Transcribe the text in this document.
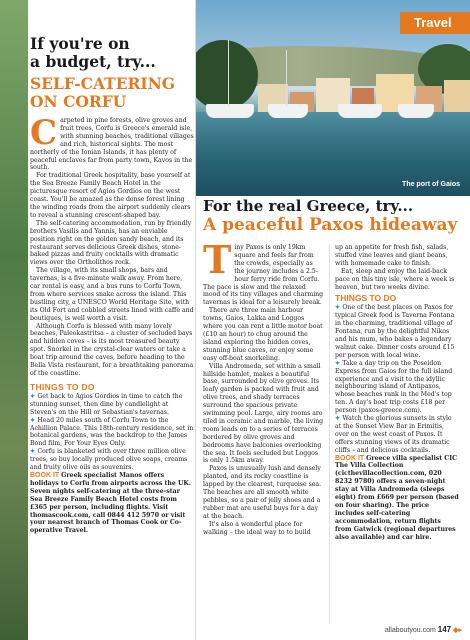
The port of Gaios
Travel
If you're on
a budget, try...
SELF-CATERING ON CORFU

Carpeted in pine forests, olive groves and fruit trees, Corfu is Greece's emerald isle, with stunning beaches, traditional villages and rich, historical sights. The most northerly of the Ionian Islands, it has plenty of peaceful enclaves far from party town, Kavos in the south.

For traditional Greek hospitality, base yourself at the Sea Breeze Family Beach Hotel in the picturesque resort of Agios Gordios on the west coast. You'll be amazed as the dense forest lining the winding roads from the airport suddenly clears to reveal a stunning crescent-shaped bay.

The self-catering accommodation, run by friendly brothers Vasilis and Yannis, has an enviable position right on the golden sandy beach, and its restaurant serves delicious Greek dishes, stone-baked pizzas and fruity cocktails with dramatic views over the Ortholithos rock.

The village, with its small shops, bars and tavernas, is a five-minute walk away. From here, car rental is easy, and a bus runs to Corfu Town, from where services snake across the island. This bustling city, a UNESCO World Heritage Site, with its Old Fort and cobbled streets lined with caffè and boutiques, is well worth a visit.

Although Corfu is blessed with many lovely beaches, Paleokastritsa – a cluster of secluded bays and hidden coves – is its most treasured beauty spot. Snorkel in the crystal-clear waters or take a boat trip around the caves, before heading to the Bella Vista restaurant, for a breathtaking panorama of the coastline.

THINGS TO DO
✦ Get back to Agios Gordios in time to catch the stunning sunset, then dine by candlelight at Steven's on the Hill or Sebastian's tavernas.
✦ Head 20 miles south of Corfu Town to the Achillion Palace. This 18th-century residence, set in botanical gardens, was the backdrop to the James Bond film, For Your Eyes Only.
✦ Corfu is blanketed with over three million olive trees, so buy locally produced olive soaps, creams and fruity olive oils as souvenirs.
BOOK IT Greek specialist Manos offers holidays to Corfu from airports across the UK. Seven nights self-catering at the three-star Sea Breeze Family Beach Hotel costs from £365 per person, including flights. Visit thomascook.com, call 0844 412 5970 or visit your nearest branch of Thomas Cook or Co-operative Travel.
For the real Greece, try...
A peaceful Paxos hideaway

Tiny Paxos is only 19km square and feels far from the crowds, especially as the journey includes a 2.5-hour ferry ride from Corfu. The pace is slow and the relaxed mood of its tiny villages and charming tavernas is ideal for a leisurely break.

There are three main harbour towns, Gaios, Lakka and Loggos where you can rent a little motor boat (£10 an hour) to chug around the island exploring the hidden coves, stunning blue caves, or enjoy some easy off-boat snorkeling.

Villa Andromeda, set within a small hillside hamlet, makes a beautiful base, surrounded by olive groves. Its leafy garden is packed with fruit and olive trees, and shady terraces surround the spacious private swimming pool. Large, airy rooms are tiled in ceramic and marble, the living room leads on to a series of terraces bordered by olive groves and bedrooms have balconies overlooking the sea. It feels secluded but Loggos is only 1.5km away.

Paxos is unusually lush and densely planted, and its rocky coastline is lapped by the clearest, turquoise sea. The beaches are all smooth white pebbles, so a pair of jelly shoes and a rubber mat are useful buys for a day at the beach.

It's also a wonderful place for walking – the ideal way to to build

up an appetite for fresh fish, salads, stuffed vine leaves and giant beans, with homemade cake to finish.

Eat, sleep and enjoy the laid-back pace on this tiny isle, where a week is heaven, but two weeks divine.

THINGS TO DO
✦ One of the best places on Paxos for typical Greek food is Taverna Fontana in the charming, traditional village of Fontana, run by the delightful Nikos and his mum, who bakes a legendary walnut cake. Dinner costs around £15 per person with local wine.
✦ Take a day trip on the Poseidon Express from Gaios for the full island experience and a visit to the idyllic neighbouring island of Antipaxos, whose beaches rank in the Med's top ten. A day's boat trip costs £18 per person (paxos-greece.com).
✦ Watch the glorious sunsets in style at the Sunset View Bar in Erimitis, over on the west coast of Paxos. It offers stunning views of its dramatic cliffs – and delicious cocktails.
BOOK IT Greece villa specialist CIC The Villa Collection (cicthevillacollection.com, 020 8232 9780) offers a seven-night stay at Villa Andromeda (sleeps eight) from £669 per person (based on four sharing). The price includes self-catering accommodation, return flights from Gatwick (regional departures also available) and car hire.
allaboutyou.com 147 ◆▸
